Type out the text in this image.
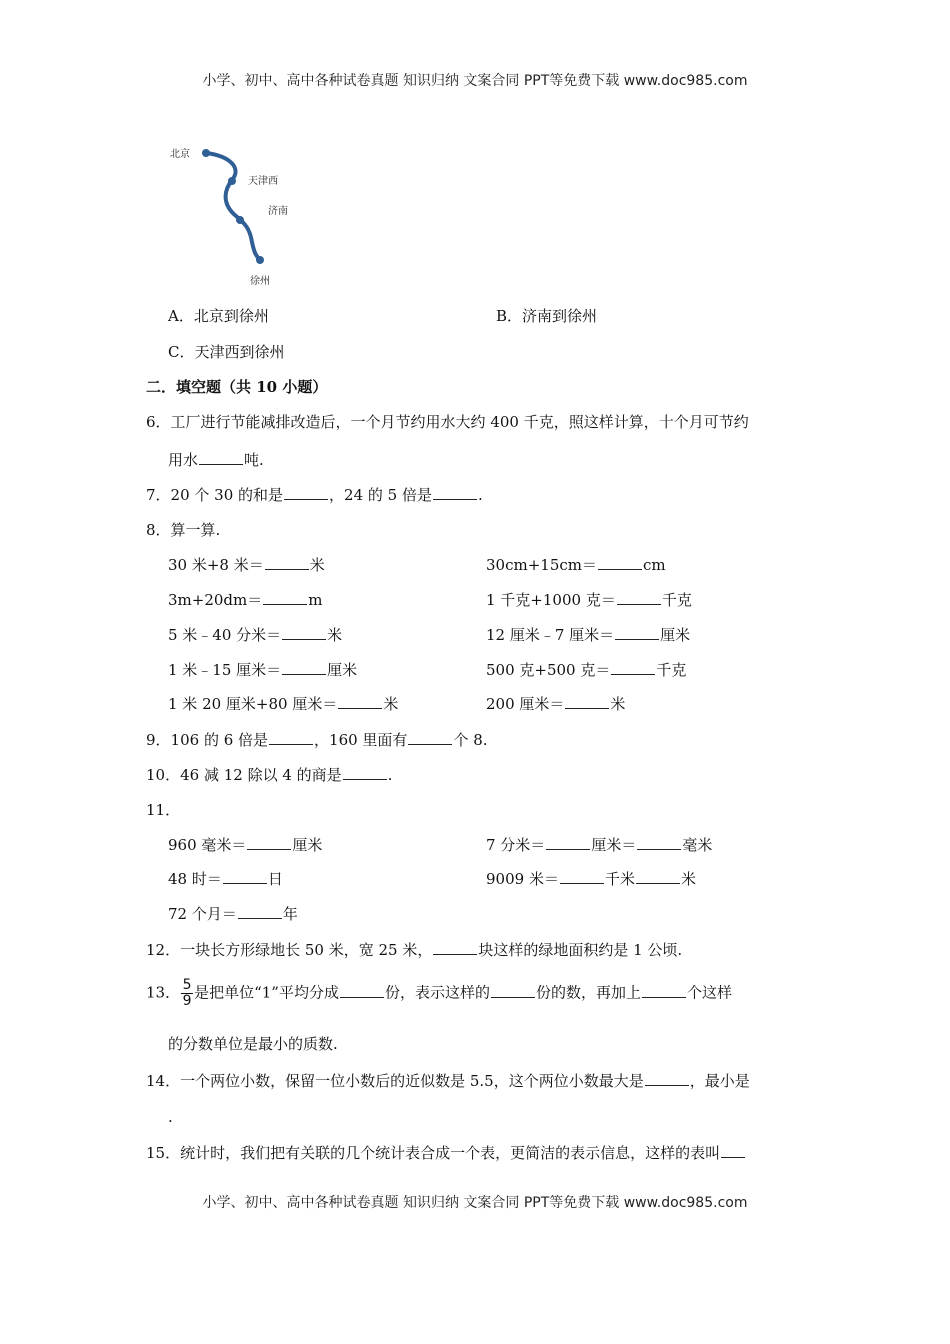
小学、初中、高中各种试卷真题 知识归纳 文案合同 PPT等免费下载 www.doc985.com
北京
天津西
济南
徐州
A．北京到徐州	B．济南到徐州
C．天津西到徐州
二．填空题（共 10 小题）
6．工厂进行节能减排改造后，一个月节约用水大约 400 千克，照这样计算，十个月可节约
用水	吨.
7．20 个 30 的和是	，24 的 5 倍是	.
8．算一算.
30 米+8 米＝	米	30cm+15cm＝	cm
3m+20dm＝	m	1 千克+1000 克＝	千克
5 米﹣40 分米＝	米	12 厘米﹣7 厘米＝	厘米
1 米﹣15 厘米＝	厘米	500 克+500 克＝	千克
1 米 20 厘米+80 厘米＝	米	200 厘米＝	米
9．106 的 6 倍是	，160 里面有	个 8.
10．46 减 12 除以 4 的商是	.
11．
960 毫米＝	厘米	7 分米＝	厘米＝	毫米
48 时＝	日	9009 米＝	千米	米
72 个月＝	年
12．一块长方形绿地长 50 米，宽 25 米，	块这样的绿地面积约是 1 公顷.
13．$\frac{5}{9}$是把单位“1”平均分成	份，表示这样的	份的数，再加上	个这样
的分数单位是最小的质数.
14．一个两位小数，保留一位小数后的近似数是 5.5，这个两位小数最大是	，最小是
.
15．统计时，我们把有关联的几个统计表合成一个表，更简洁的表示信息，这样的表叫
小学、初中、高中各种试卷真题 知识归纳 文案合同 PPT等免费下载 www.doc985.com
